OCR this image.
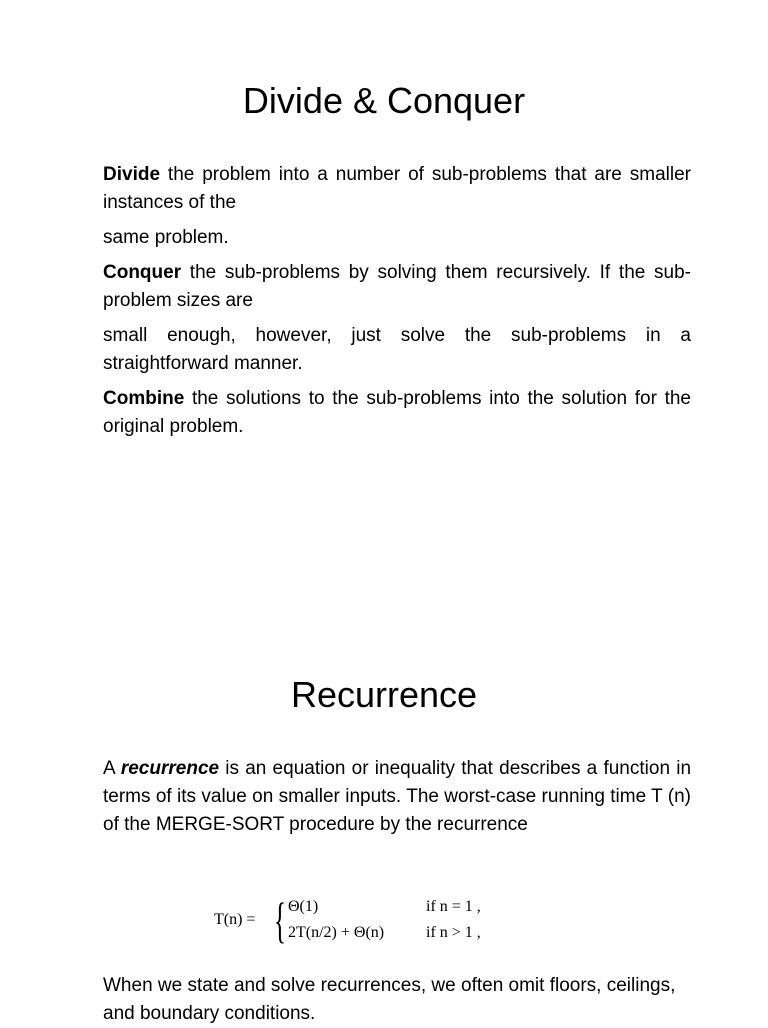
Divide & Conquer

Divide the problem into a number of sub-problems that are smaller instances of the

same problem.

Conquer the sub-problems by solving them recursively. If the sub-problem sizes are

small enough, however, just solve the sub-problems in a straightforward manner.

Combine the solutions to the sub-problems into the solution for the original problem.

Recurrence

A recurrence is an equation or inequality that describes a function in terms of its value on smaller inputs. The worst-case running time T (n) of the MERGE-SORT procedure by the recurrence

T(n) = { Θ(1)	if n = 1 ,
2T(n/2) + Θ(n)	if n > 1 ,

When we state and solve recurrences, we often omit floors, ceilings, and boundary conditions.
